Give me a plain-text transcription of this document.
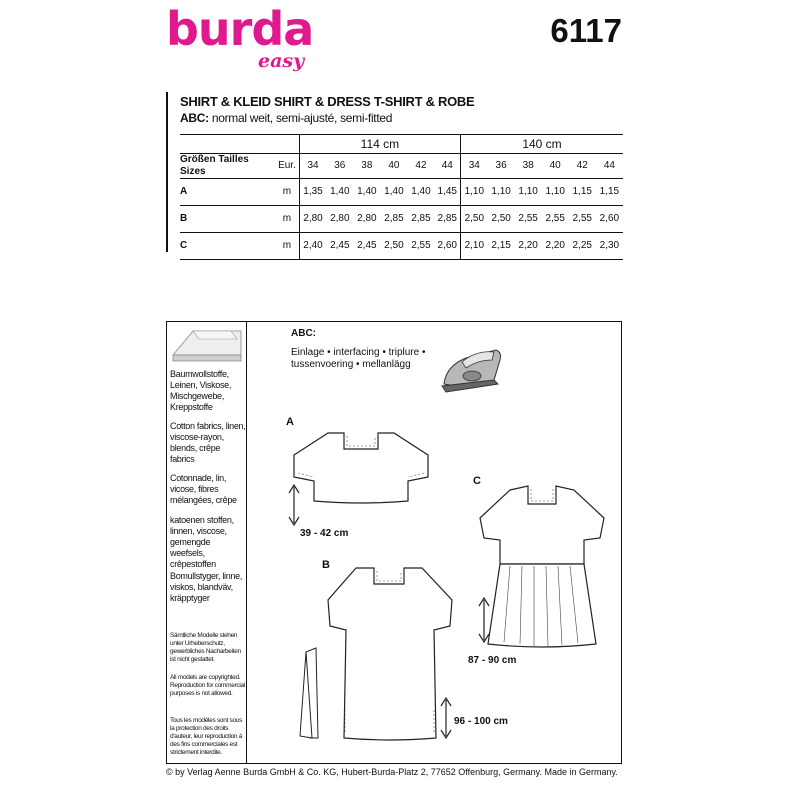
burda
easy
6117
SHIRT & KLEID SHIRT & DRESS T-SHIRT & ROBE
ABC: normal weit, semi-ajusté, semi-fitted
		114 cm						140 cm					
Größen Tailles Sizes	Eur.	34	36	38	40	42	44	34	36	38	40	42	44
A	m	1,35	1,40	1,40	1,40	1,40	1,45	1,10	1,10	1,10	1,10	1,15	1,15
B	m	2,80	2,80	2,80	2,85	2,85	2,85	2,50	2,50	2,55	2,55	2,55	2,60
C	m	2,40	2,45	2,45	2,50	2,55	2,60	2,10	2,15	2,20	2,20	2,25	2,30

Baumwollstoffe, Leinen, Viskose, Mischgewebe, Kreppstoffe

Cotton fabrics, linen, viscose-rayon, blends, crêpe fabrics

Cotonnade, lin, vicose, fibres mélangées, crêpe

katoenen stoffen, linnen, viscose, gemengde weefsels, crêpestoffen

Bomullstyger, linne, viskos, blandväv, kräpptyger

Sämtliche Modelle stehen unter Urheberschutz, gewerbliches Nacharbeiten ist nicht gestattet.

All models are copyrighted. Reproduction for commercial purposes is not allowed.

Tous les modèles sont sous la protection des droits d'auteur, leur reproduction à des fins commerciales est strictement interdite.

ABC:
Einlage • interfacing • triplure • tussenvoering • mellanlägg
A
39 - 42 cm
B
96 - 100 cm
C
87 - 90 cm
© by Verlag Aenne Burda GmbH & Co. KG, Hubert-Burda-Platz 2, 77652 Offenburg, Germany. Made in Germany.
